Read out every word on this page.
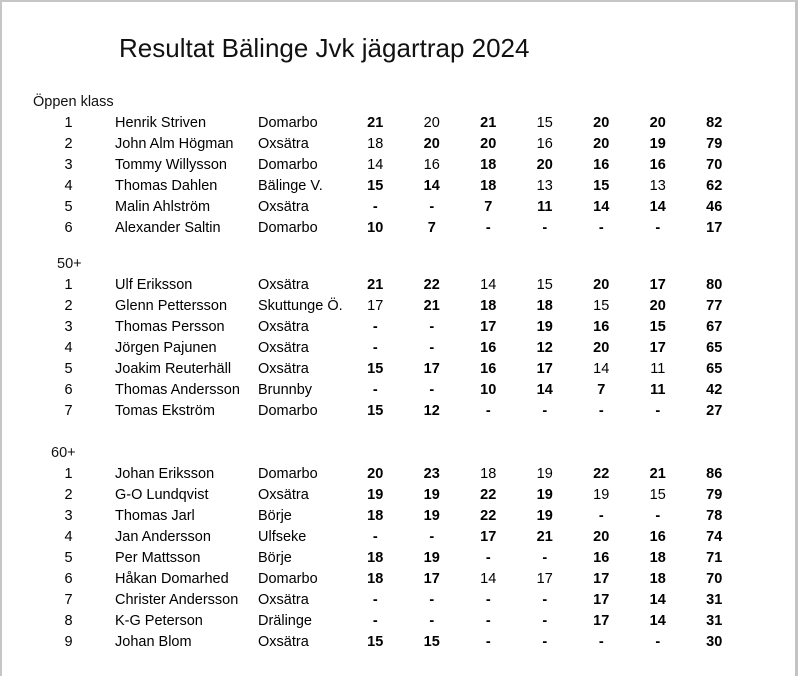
Resultat Bälinge Jvk jägartrap 2024
Öppen klass
1	Henrik Striven	Domarbo	21	20	21	15	20	20	82
2	John Alm Högman	Oxsätra	18	20	20	16	20	19	79
3	Tommy Willysson	Domarbo	14	16	18	20	16	16	70
4	Thomas Dahlen	Bälinge V.	15	14	18	13	15	13	62
5	Malin Ahlström	Oxsätra	-	-	7	11	14	14	46
6	Alexander Saltin	Domarbo	10	7	-	-	-	-	17
50+
1	Ulf Eriksson	Oxsätra	21	22	14	15	20	17	80
2	Glenn Pettersson	Skuttunge Ö.	17	21	18	18	15	20	77
3	Thomas Persson	Oxsätra	-	-	17	19	16	15	67
4	Jörgen Pajunen	Oxsätra	-	-	16	12	20	17	65
5	Joakim Reuterhäll	Oxsätra	15	17	16	17	14	11	65
6	Thomas Andersson	Brunnby	-	-	10	14	7	11	42
7	Tomas Ekström	Domarbo	15	12	-	-	-	-	27
60+
1	Johan Eriksson	Domarbo	20	23	18	19	22	21	86
2	G-O Lundqvist	Oxsätra	19	19	22	19	19	15	79
3	Thomas Jarl	Börje	18	19	22	19	-	-	78
4	Jan Andersson	Ulfseke	-	-	17	21	20	16	74
5	Per Mattsson	Börje	18	19	-	-	16	18	71
6	Håkan Domarhed	Domarbo	18	17	14	17	17	18	70
7	Christer Andersson	Oxsätra	-	-	-	-	17	14	31
8	K-G Peterson	Drälinge	-	-	-	-	17	14	31
9	Johan Blom	Oxsätra	15	15	-	-	-	-	30
